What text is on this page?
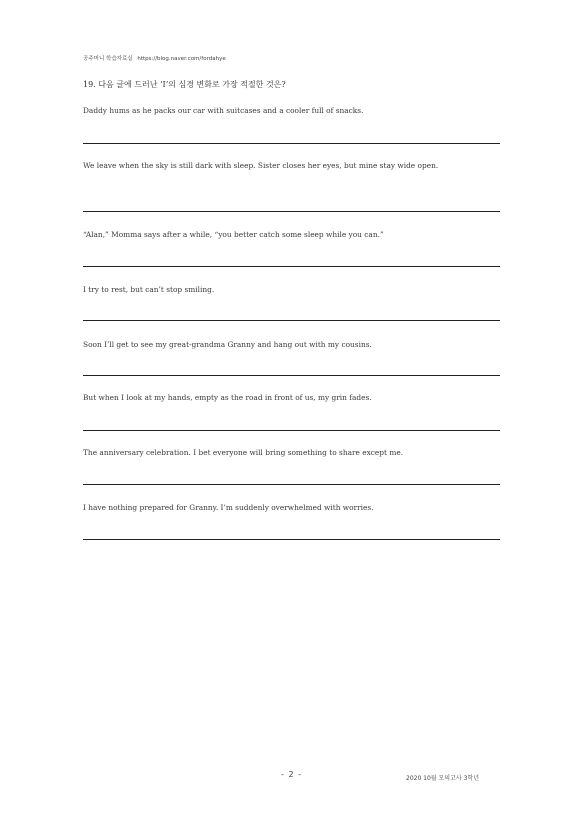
공주머니 학습자료실 https://blog.naver.com/fordahye
19. 다음 글에 드러난 ‘I’의 심경 변화로 가장 적절한 것은?
Daddy hums as he packs our car with suitcases and a cooler full of snacks.
We leave when the sky is still dark with sleep. Sister closes her eyes, but mine stay wide open.
“Alan,” Momma says after a while, “you better catch some sleep while you can.”
I try to rest, but can’t stop smiling.
Soon I’ll get to see my great-grandma Granny and hang out with my cousins.
But when I look at my hands, empty as the road in front of us, my grin fades.
The anniversary celebration. I bet everyone will bring something to share except me.
I have nothing prepared for Granny. I’m suddenly overwhelmed with worries.
- 2 -	2020 10월 모의고사 3학년
